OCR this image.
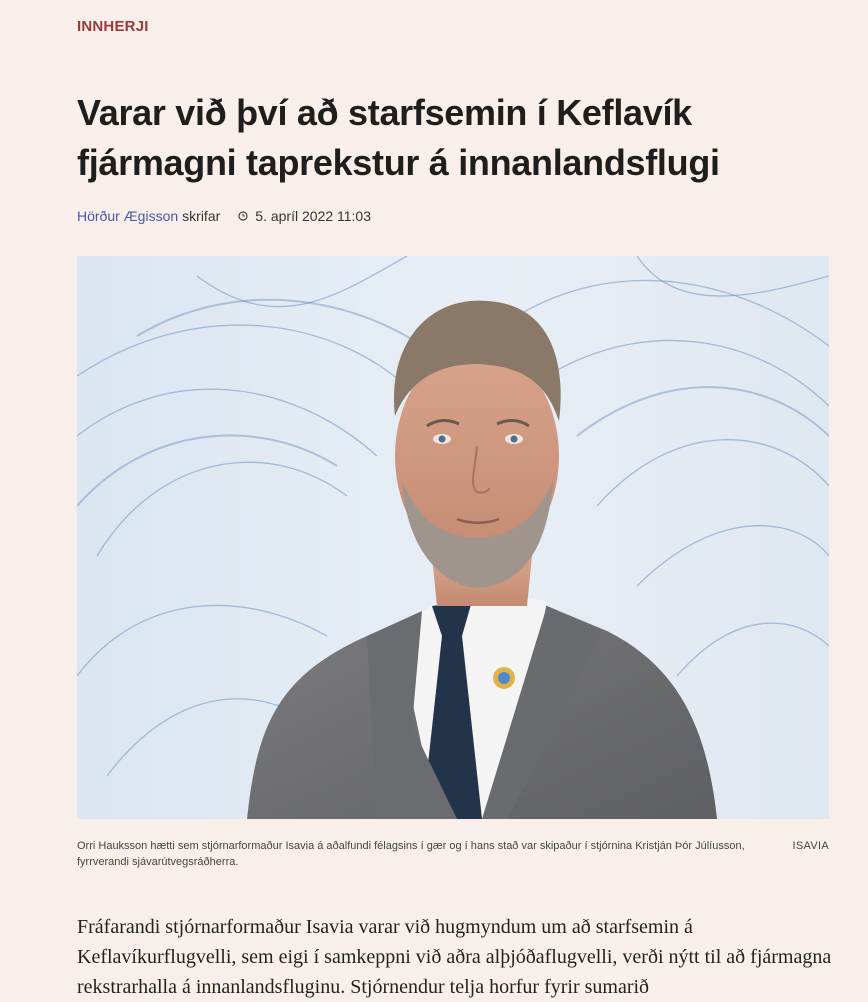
INNHERJI
Varar við því að starfsemin í Keflavík fjármagni taprekstur á innanlandsflugi
Hörður Ægisson skrifar	5. apríl 2022 11:03
Orri Hauksson hætti sem stjórnarformaður Isavia á aðalfundi félagsins í gær og í hans stað var skipaður í stjórnina Kristján Þór Júlíusson, fyrrverandi sjávarútvegsráðherra.
ISAVIA

Fráfarandi stjórnarformaður Isavia varar við hugmyndum um að starfsemin á Keflavíkurflugvelli, sem eigi í samkeppni við aðra alþjóðaflugvelli, verði nýtt til að fjármagna rekstrarhalla á innanlandsfluginu. Stjórnendur telja horfur fyrir sumarið
